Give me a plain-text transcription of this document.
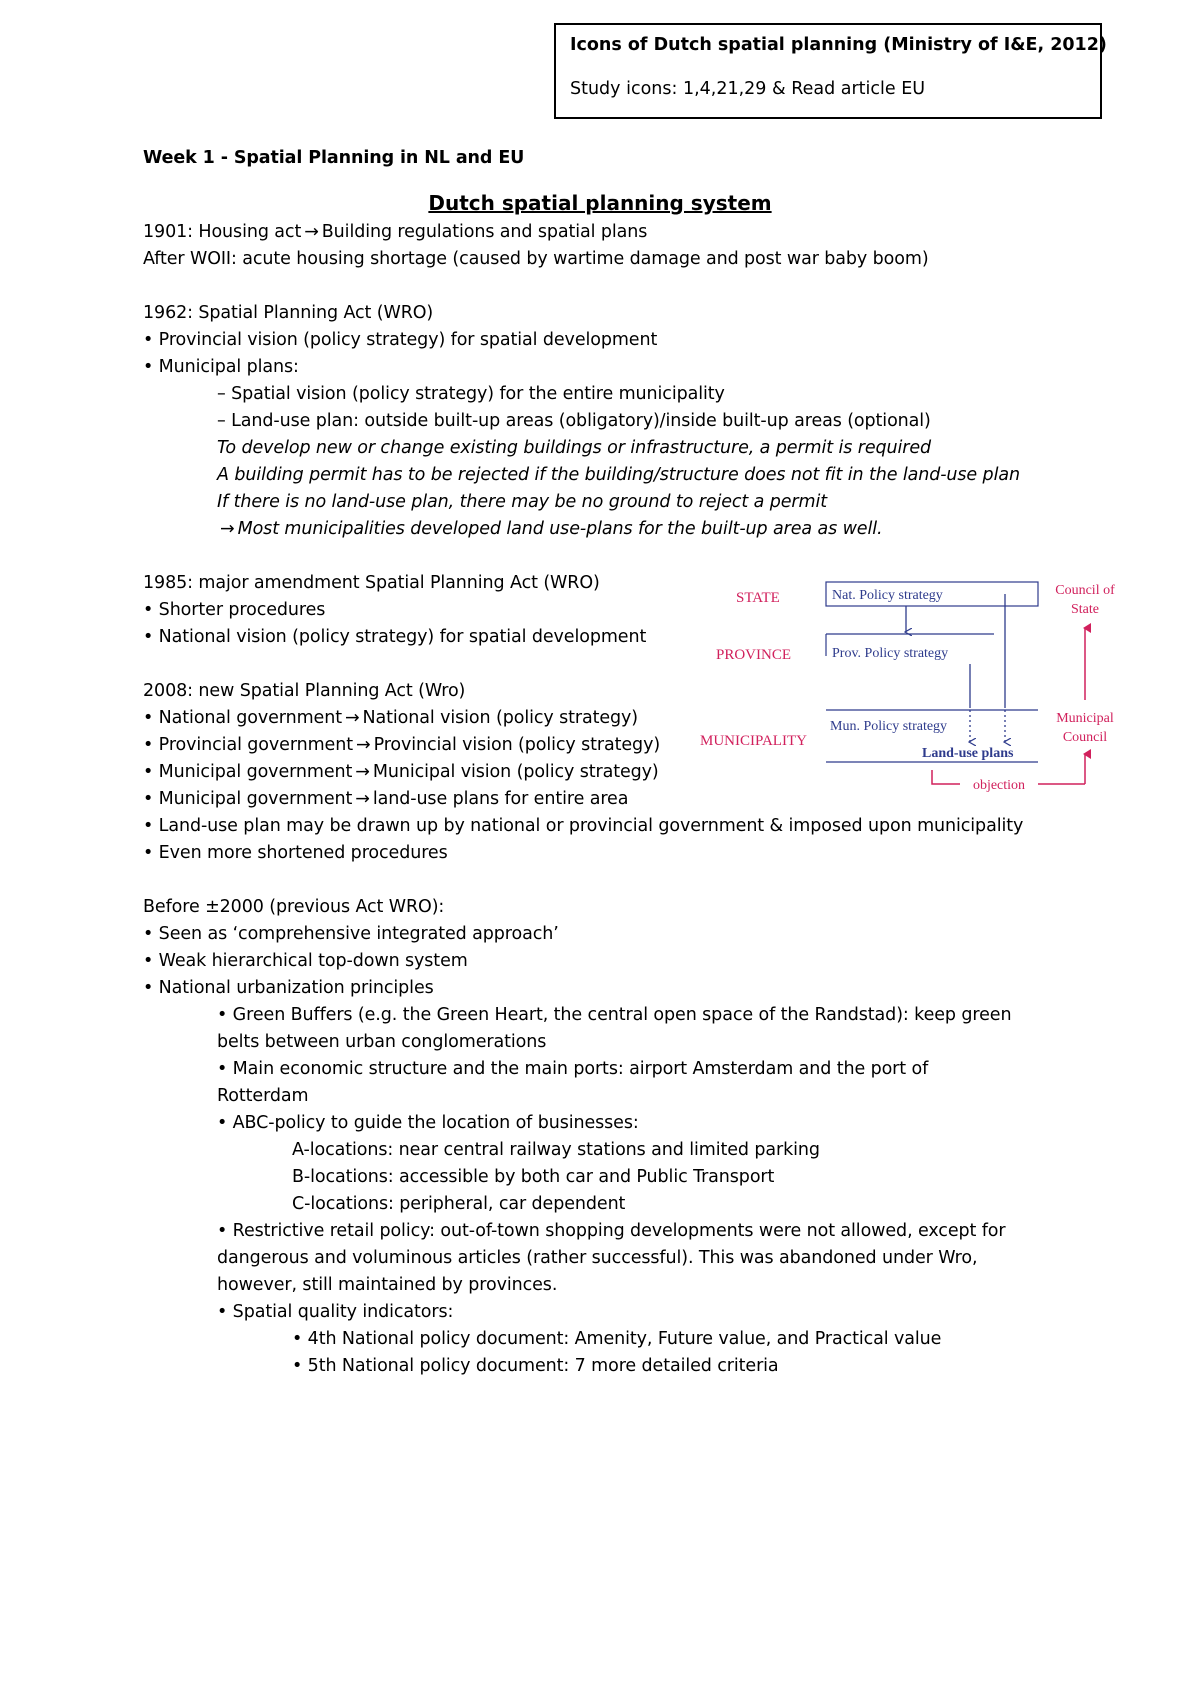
Icons of Dutch spatial planning (Ministry of I&E, 2012)
Study icons: 1,4,21,29 & Read article EU
Week 1 - Spatial Planning in NL and EU
Dutch spatial planning system
1901: Housing act → Building regulations and spatial plans
After WOII: acute housing shortage (caused by wartime damage and post war baby boom)
1962: Spatial Planning Act (WRO)
• Provincial vision (policy strategy) for spatial development
• Municipal plans:
– Spatial vision (policy strategy) for the entire municipality
– Land-use plan: outside built-up areas (obligatory)/inside built-up areas (optional)
To develop new or change existing buildings or infrastructure, a permit is required
A building permit has to be rejected if the building/structure does not fit in the land-use plan
If there is no land-use plan, there may be no ground to reject a permit
→ Most municipalities developed land use-plans for the built-up area as well.
1985: major amendment Spatial Planning Act (WRO)
• Shorter procedures
• National vision (policy strategy) for spatial development
2008: new Spatial Planning Act (Wro)
• National government → National vision (policy strategy)
• Provincial government → Provincial vision (policy strategy)
• Municipal government → Municipal vision (policy strategy)
• Municipal government → land-use plans for entire area
• Land-use plan may be drawn up by national or provincial government & imposed upon municipality
• Even more shortened procedures
Before ±2000 (previous Act WRO):
• Seen as ‘comprehensive integrated approach’
• Weak hierarchical top-down system
• National urbanization principles
• Green Buffers (e.g. the Green Heart, the central open space of the Randstad): keep green
belts between urban conglomerations
• Main economic structure and the main ports: airport Amsterdam and the port of
Rotterdam
• ABC-policy to guide the location of businesses:
A-locations: near central railway stations and limited parking
B-locations: accessible by both car and Public Transport
C-locations: peripheral, car dependent
• Restrictive retail policy: out-of-town shopping developments were not allowed, except for
dangerous and voluminous articles (rather successful). This was abandoned under Wro,
however, still maintained by provinces.
• Spatial quality indicators:
• 4th National policy document: Amenity, Future value, and Practical value
• 5th National policy document: 7 more detailed criteria
STATE
PROVINCE
MUNICIPALITY
Nat. Policy strategy
Prov. Policy strategy
Mun. Policy strategy
Land-use plans
Council of
State
Municipal
Council
objection
